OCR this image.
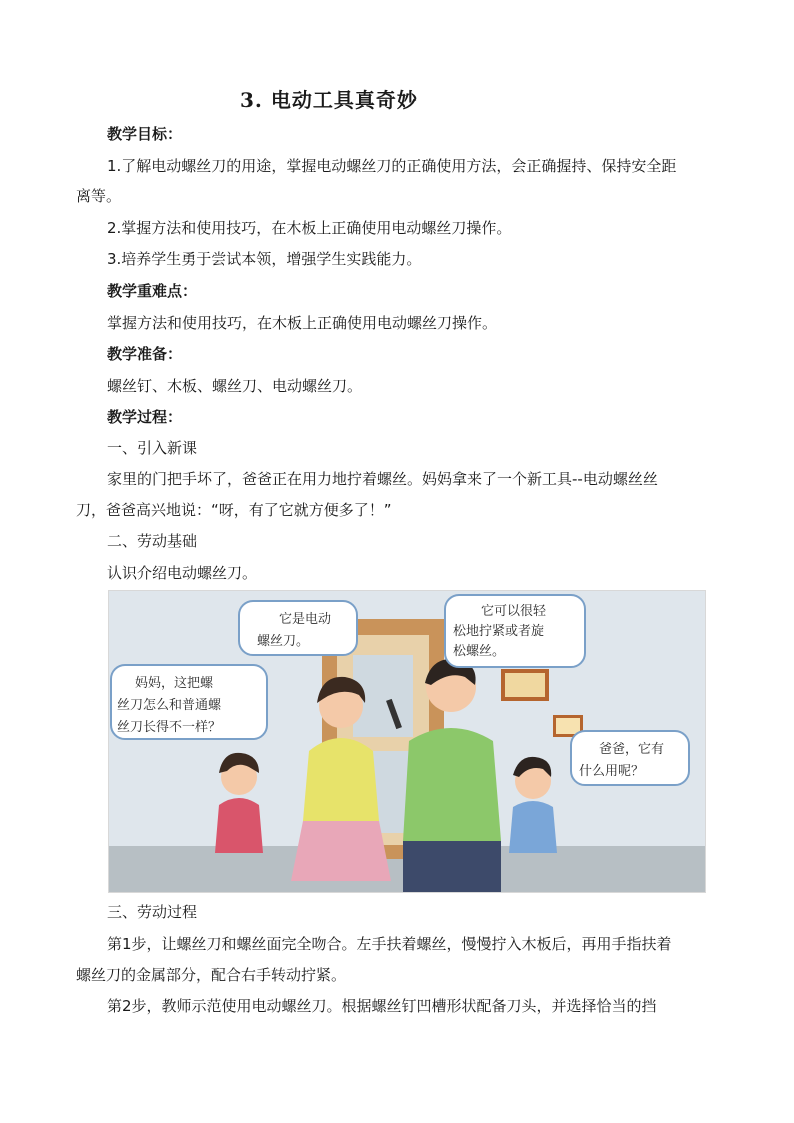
3. 电动工具真奇妙
教学目标：
1.了解电动螺丝刀的用途，掌握电动螺丝刀的正确使用方法，会正确握持、保持安全距
离等。
2.掌握方法和使用技巧，在木板上正确使用电动螺丝刀操作。
3.培养学生勇于尝试本领，增强学生实践能力。
教学重难点：
掌握方法和使用技巧，在木板上正确使用电动螺丝刀操作。
教学准备：
螺丝钉、木板、螺丝刀、电动螺丝刀。
教学过程：
一、引入新课
家里的门把手坏了，爸爸正在用力地拧着螺丝。妈妈拿来了一个新工具--电动螺丝丝
刀，爸爸高兴地说：“呀，有了它就方便多了！”
二、劳动基础
认识介绍电动螺丝刀。
它是电动
螺丝刀。
它可以很轻
松地拧紧或者旋
松螺丝。
妈妈，这把螺
丝刀怎么和普通螺
丝刀长得不一样？
爸爸，它有
什么用呢？
三、劳动过程
第1步，让螺丝刀和螺丝面完全吻合。左手扶着螺丝，慢慢拧入木板后，再用手指扶着
螺丝刀的金属部分，配合右手转动拧紧。
第2步，教师示范使用电动螺丝刀。根据螺丝钉凹槽形状配备刀头，并选择恰当的挡
